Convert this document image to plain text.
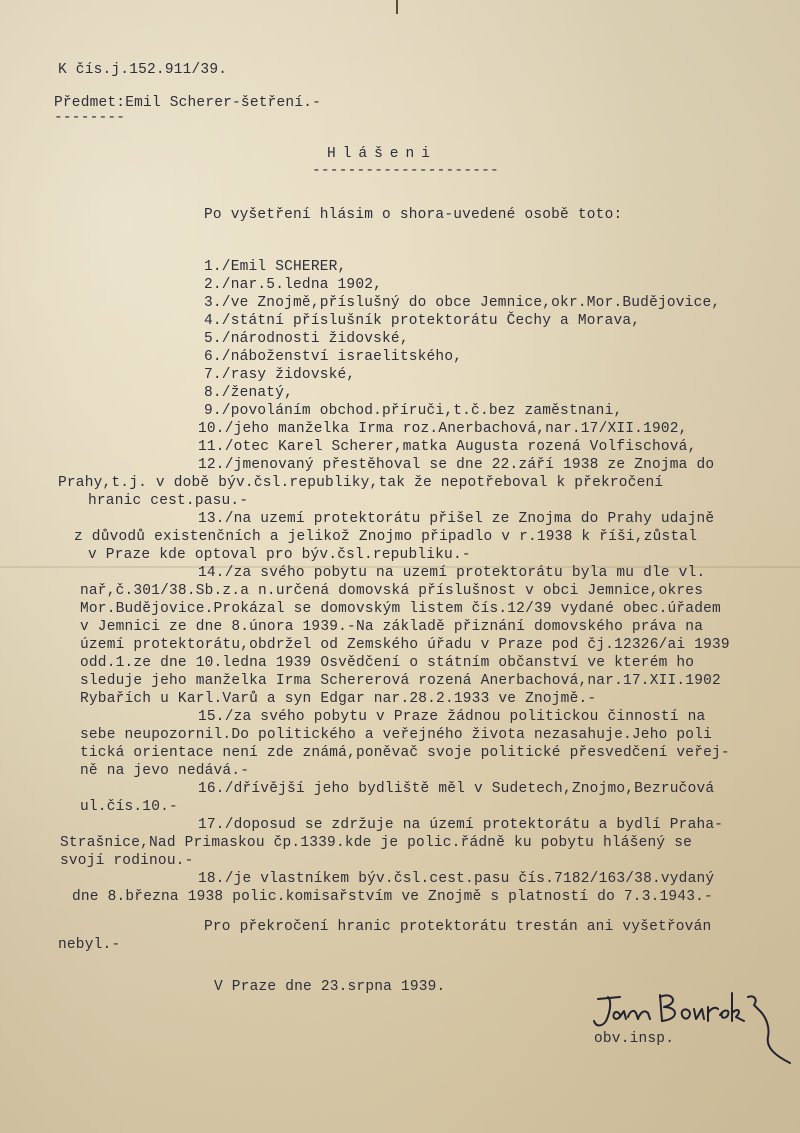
K čís.j.152.911/39.
Předmet:Emil Scherer-šetření.-
--------
Hlášeni
---------------------
Po vyšetření hlásim o shora-uvedené osobě toto:
1./Emil SCHERER,
2./nar.5.ledna 1902,
3./ve Znojmě,příslušný do obce Jemnice,okr.Mor.Budějovice,
4./státní příslušník protektorátu Čechy a Morava,
5./národnosti židovské,
6./náboženství israelitského,
7./rasy židovské,
8./ženatý,
9./povoláním obchod.příruči,t.č.bez zaměstnani,
10./jeho manželka Irma roz.Anerbachová,nar.17/XII.1902,
11./otec Karel Scherer,matka Augusta rozená Volfischová,
12./jmenovaný přestěhoval se dne 22.září 1938 ze Znojma do
Prahy,t.j. v době býv.čsl.republiky,tak že nepotřeboval k překročení
hranic cest.pasu.-
13./na uzemí protektorátu přišel ze Znojma do Prahy udajně
z důvodů existenčních a jelikož Znojmo připadlo v r.1938 k říši,zůstal
v Praze kde optoval pro býv.čsl.republiku.-
14./za svého pobytu na uzemí protektorátu byla mu dle vl.
nař,č.301/38.Sb.z.a n.určená domovská příslušnost v obci Jemnice,okres
Mor.Budějovice.Prokázal se domovským listem čís.12/39 vydané obec.úřadem
v Jemnici ze dne 8.února 1939.-Na základě přiznání domovského práva na
území protektorátu,obdržel od Zemského úřadu v Praze pod čj.12326/ai 1939
odd.1.ze dne 10.ledna 1939 Osvědčení o státním občanství ve kterém ho
sleduje jeho manželka Irma Schererová rozená Anerbachová,nar.17.XII.1902
Rybařích u Karl.Varů a syn Edgar nar.28.2.1933 ve Znojmě.-
15./za svého pobytu v Praze žádnou politickou činností na
sebe neupozornil.Do politického a veřejného života nezasahuje.Jeho poli
tická orientace není zde známá,poněvač svoje politické přesvedčení veřej-
ně na jevo nedává.-
16./dřívější jeho bydliště měl v Sudetech,Znojmo,Bezručová
ul.čís.10.-
17./doposud se zdržuje na území protektorátu a bydlí Praha-
Strašnice,Nad Primaskou čp.1339.kde je polic.řádně ku pobytu hlášený se
svojí rodinou.-
18./je vlastníkem býv.čsl.cest.pasu čís.7182/163/38.vydaný
dne 8.března 1938 polic.komisařstvím ve Znojmě s platností do 7.3.1943.-
Pro překročení hranic protektorátu trestán ani vyšetřován
nebyl.-
V Praze dne 23.srpna 1939.
obv.insp.
